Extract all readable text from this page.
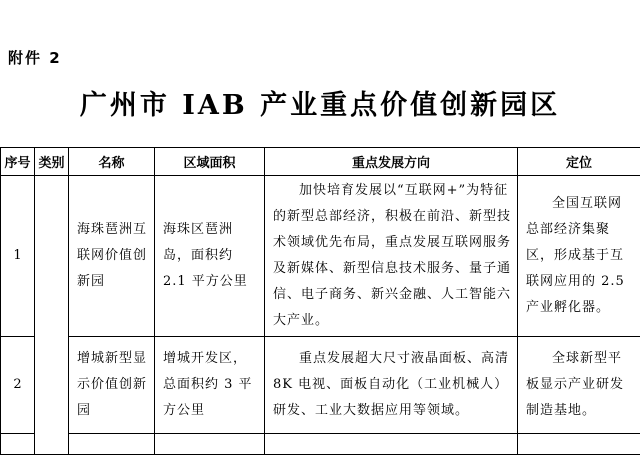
附件 2
广州市 IAB 产业重点价值创新园区
序号	类别	名称	区域面积	重点发展方向	定位
1		海珠琶洲互联网价值创新园	海珠区琶洲岛，面积约 2.1 平方公里	加快培育发展以“互联网+”为特征的新型总部经济，积极在前沿、新型技术领域优先布局，重点发展互联网服务及新媒体、新型信息技术服务、量子通信、电子商务、新兴金融、人工智能六大产业。	全国互联网总部经济集聚区，形成基于互联网应用的 2.5 产业孵化器。

2		增城新型显示价值创新园	增城开发区，总面积约 3 平方公里	重点发展超大尺寸液晶面板、高清 8K 电视、面板自动化（工业机械人）研发、工业大数据应用等领域。	全球新型平板显示产业研发制造基地。
